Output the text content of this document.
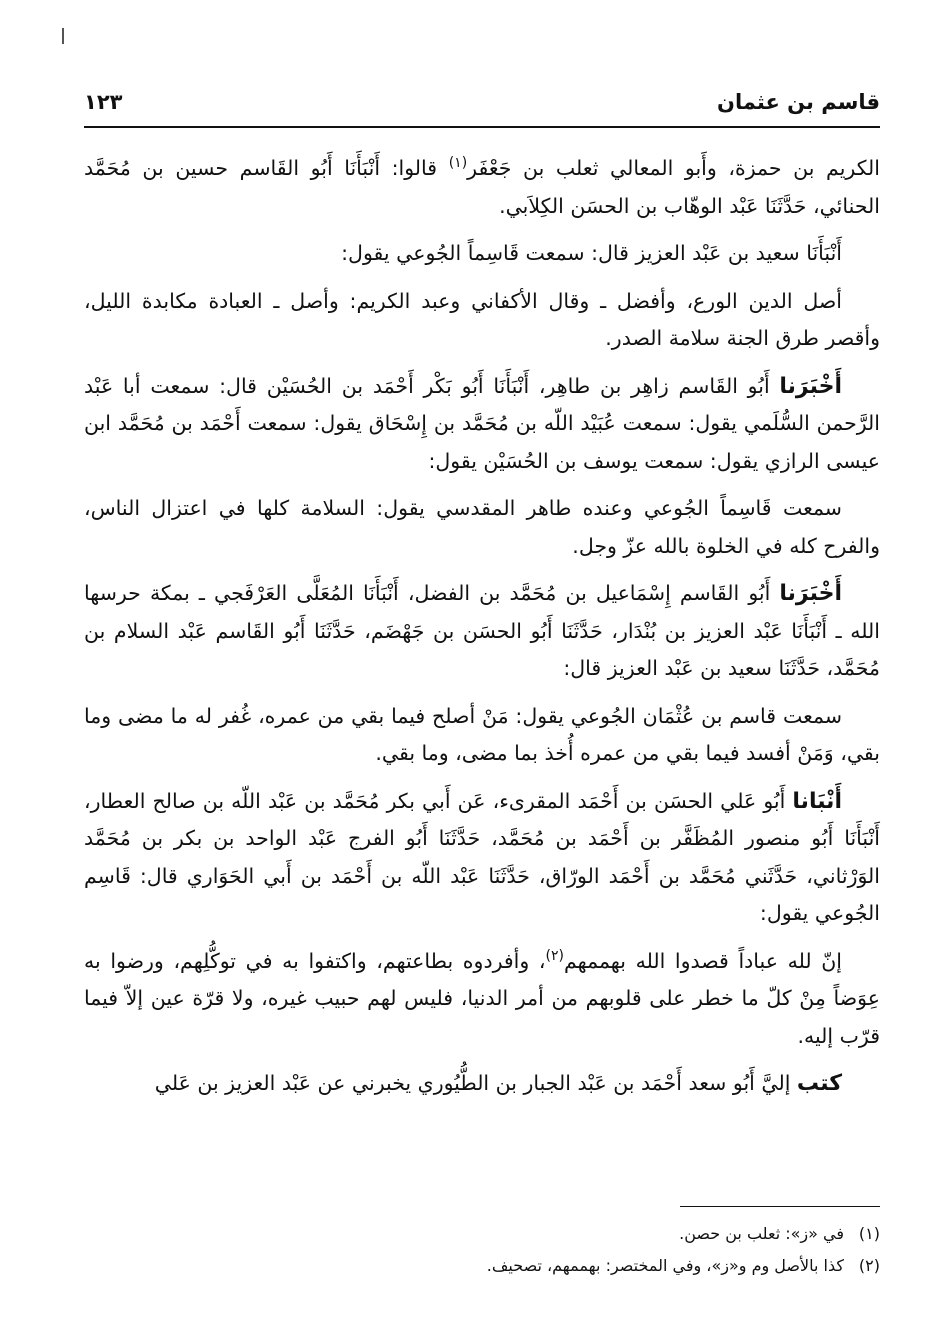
قاسم بن عثمان
١٢٣

الكريم بن حمزة، وأَبو المعالي ثعلب بن جَعْفَر$^{(١)}$ قالوا: أَنْبَأَنَا أَبُو القَاسم حسين بن مُحَمَّد الحنائي، حَدَّثَنَا عَبْد الوهّاب بن الحسَن الكِلاَبي.

أَنْبَأَنَا سعيد بن عَبْد العزيز قال: سمعت قَاسِماً الجُوعي يقول:

أصل الدين الورع، وأفضل ـ وقال الأكفاني وعبد الكريم: وأصل ـ العبادة مكابدة الليل، وأقصر طرق الجنة سلامة الصدر.

أَخْبَرَنا أَبُو القَاسم زاهِر بن طاهِر، أَنْبَأَنَا أَبُو بَكْر أَحْمَد بن الحُسَيْن قال: سمعت أبا عَبْد الرَّحمن السُّلَمي يقول: سمعت عُبَيْد اللّه بن مُحَمَّد بن إِسْحَاق يقول: سمعت أَحْمَد بن مُحَمَّد ابن عيسى الرازي يقول: سمعت يوسف بن الحُسَيْن يقول:

سمعت قَاسِماً الجُوعي وعنده طاهر المقدسي يقول: السلامة كلها في اعتزال الناس، والفرح كله في الخلوة بالله عزّ وجل.

أَخْبَرَنا أَبُو القَاسم إِسْمَاعيل بن مُحَمَّد بن الفضل، أَنْبَأَنَا المُعَلَّى العَرْفَجي ـ بمكة حرسها الله ـ أَنْبَأَنَا عَبْد العزيز بن بُنْدَار، حَدَّثَنَا أَبُو الحسَن بن جَهْضَم، حَدَّثَنَا أَبُو القَاسم عَبْد السلام بن مُحَمَّد، حَدَّثَنَا سعيد بن عَبْد العزيز قال:

سمعت قاسم بن عُثْمَان الجُوعي يقول: مَنْ أصلح فيما بقي من عمره، غُفر له ما مضى وما بقي، وَمَنْ أفسد فيما بقي من عمره أُخذ بما مضى، وما بقي.

أَنْبَانا أَبُو عَلي الحسَن بن أَحْمَد المقرىء، عَن أَبي بكر مُحَمَّد بن عَبْد اللّه بن صالح العطار، أَنْبَأَنَا أَبُو منصور المُظَفَّر بن أَحْمَد بن مُحَمَّد، حَدَّثَنَا أَبُو الفرج عَبْد الواحد بن بكر بن مُحَمَّد الوَرْثاني، حَدَّثَني مُحَمَّد بن أَحْمَد الورّاق، حَدَّثَنَا عَبْد اللّه بن أَحْمَد بن أَبي الحَوَاري قال: قَاسِم الجُوعي يقول:

إنّ لله عباداً قصدوا الله بهممهم$^{(٢)}$، وأفردوه بطاعتهم، واكتفوا به في توكُّلِهم، ورضوا به عِوَضاً مِنْ كلّ ما خطر على قلوبهم من أمر الدنيا، فليس لهم حبيب غيره، ولا قرّة عين إلاّ فيما قرّب إليه.

كتب إليَّ أَبُو سعد أَحْمَد بن عَبْد الجبار بن الطُّيُوري يخبرني عن عَبْد العزيز بن عَلي

(١)في «ز»: ثعلب بن حصن.

(٢)كذا بالأصل وم و«ز»، وفي المختصر: بهممهم، تصحيف.
